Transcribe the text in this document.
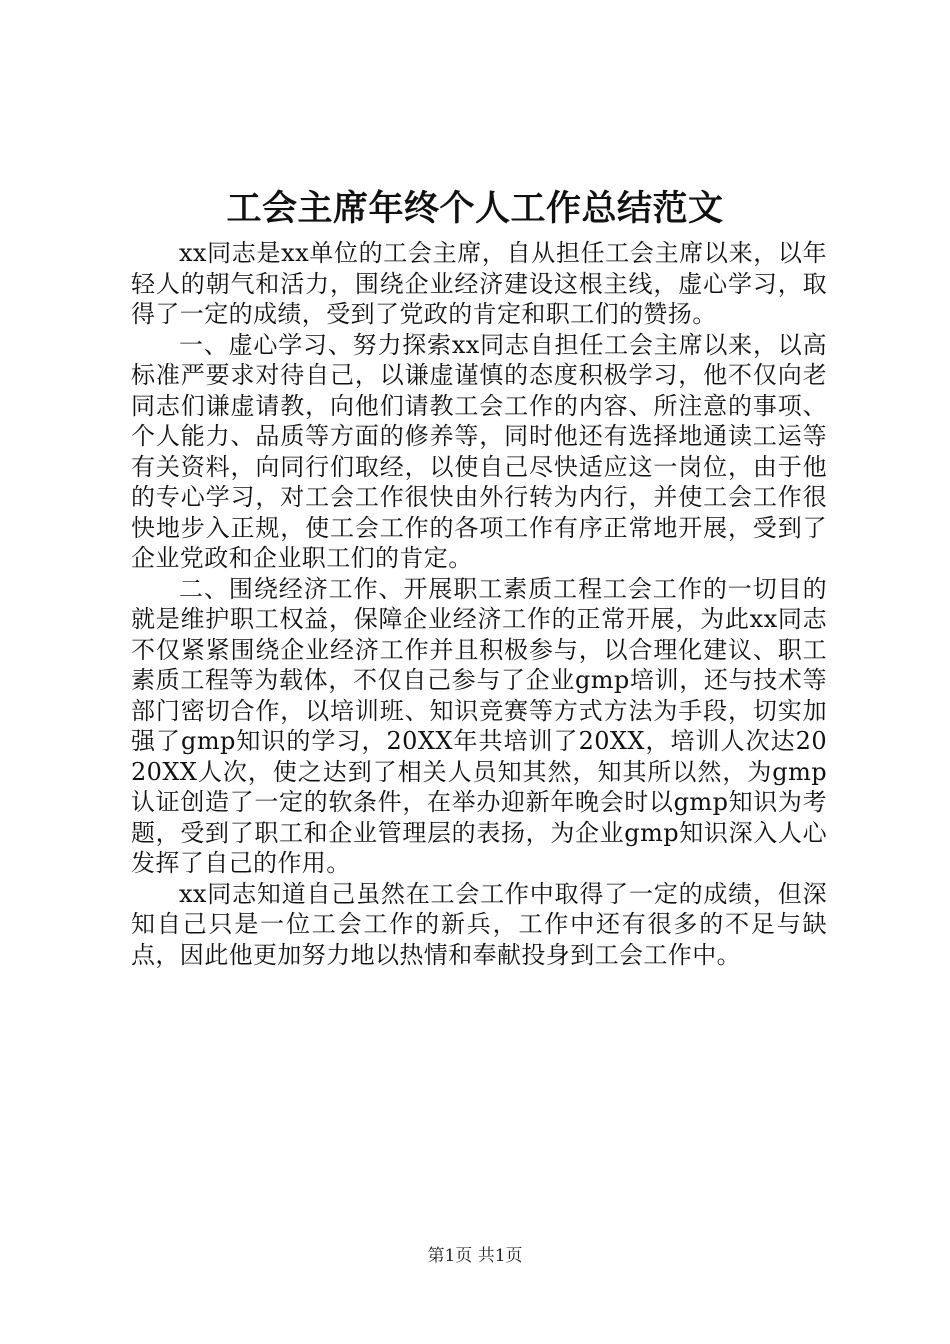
工会主席年终个人工作总结范文

xx同志是xx单位的工会主席，自从担任工会主席以来，以年轻人的朝气和活力，围绕企业经济建设这根主线，虚心学习，取得了一定的成绩，受到了党政的肯定和职工们的赞扬。

一、虚心学习、努力探索xx同志自担任工会主席以来，以高标准严要求对待自己，以谦虚谨慎的态度积极学习，他不仅向老同志们谦虚请教，向他们请教工会工作的内容、所注意的事项、个人能力、品质等方面的修养等，同时他还有选择地通读工运等有关资料，向同行们取经，以使自己尽快适应这一岗位，由于他的专心学习，对工会工作很快由外行转为内行，并使工会工作很快地步入正规，使工会工作的各项工作有序正常地开展，受到了企业党政和企业职工们的肯定。

二、围绕经济工作、开展职工素质工程工会工作的一切目的就是维护职工权益，保障企业经济工作的正常开展，为此xx同志不仅紧紧围绕企业经济工作并且积极参与，以合理化建议、职工素质工程等为载体，不仅自己参与了企业gmp培训，还与技术等部门密切合作，以培训班、知识竞赛等方式方法为手段，切实加强了gmp知识的学习，20XX年共培训了20XX，培训人次达2020XX人次，使之达到了相关人员知其然，知其所以然，为gmp认证创造了一定的软条件，在举办迎新年晚会时以gmp知识为考题，受到了职工和企业管理层的表扬，为企业gmp知识深入人心发挥了自己的作用。

xx同志知道自己虽然在工会工作中取得了一定的成绩，但深知自己只是一位工会工作的新兵，工作中还有很多的不足与缺点，因此他更加努力地以热情和奉献投身到工会工作中。

第1页 共1页
